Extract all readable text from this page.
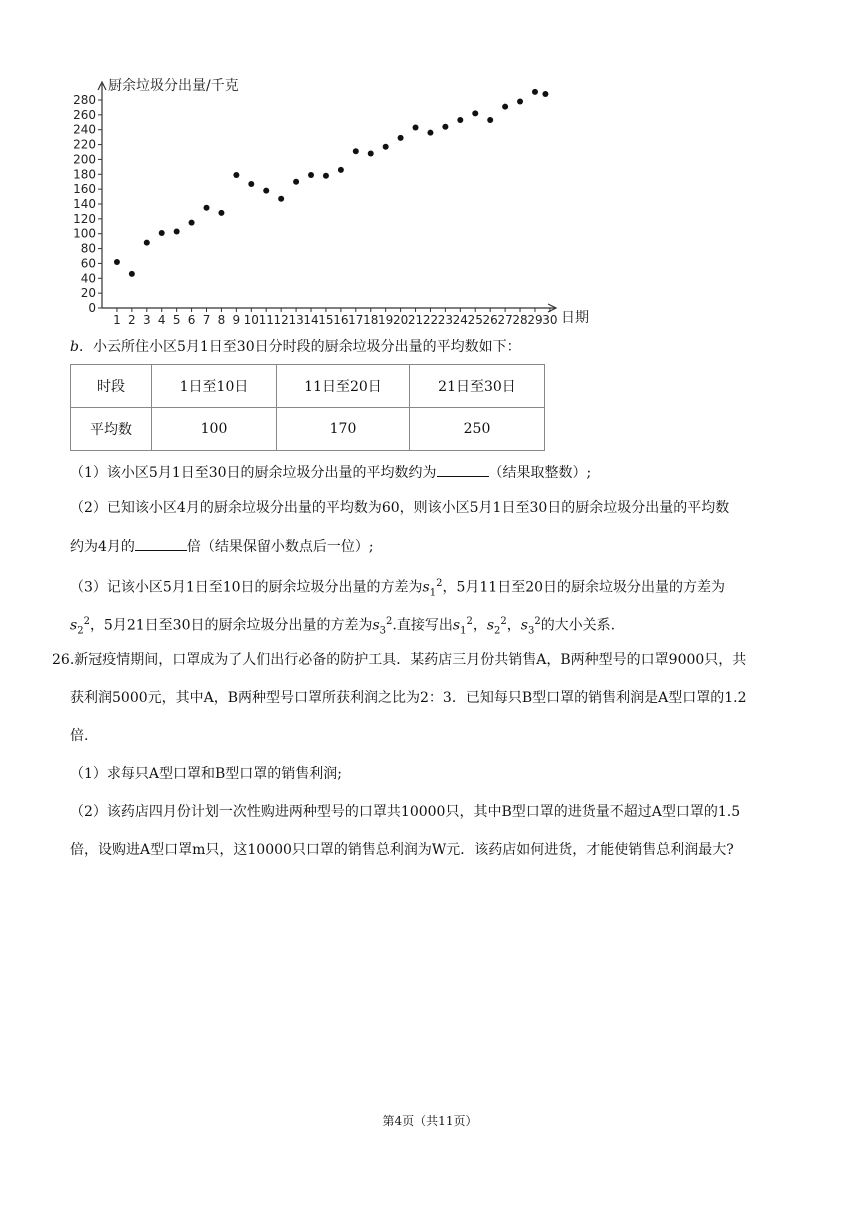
0
20
40
60
80
100
120
140
160
180
200
220
240
260
280
1 2 3 4 5 6 7 8 9 10 11 12 13 14 15 16 17 18 19 20 21 22 23 24 25 26 27 28 29 30
厨余垃圾分出量/千克
日期
b．小云所住小区5月1日至30日分时段的厨余垃圾分出量的平均数如下：
时段	1日至10日	11日至20日	21日至30日
平均数	100	170	250
（1）该小区5月1日至30日的厨余垃圾分出量的平均数约为	（结果取整数）;
（2）已知该小区4月的厨余垃圾分出量的平均数为60，则该小区5月1日至30日的厨余垃圾分出量的平均数
约为4月的	倍（结果保留小数点后一位）;
（3）记该小区5月1日至10日的厨余垃圾分出量的方差为$s_1^2$，5月11日至20日的厨余垃圾分出量的方差为
$s_2^2$，5月21日至30日的厨余垃圾分出量的方差为$s_3^2$.直接写出$s_1^2$，$s_2^2$，$s_3^2$的大小关系.
26.新冠疫情期间，口罩成为了人们出行必备的防护工具．某药店三月份共销售A，B两种型号的口罩9000只，共
获利润5000元，其中A，B两种型号口罩所获利润之比为2：3．已知每只B型口罩的销售利润是A型口罩的1.2
倍.
（1）求每只A型口罩和B型口罩的销售利润;
（2）该药店四月份计划一次性购进两种型号的口罩共10000只，其中B型口罩的进货量不超过A型口罩的1.5
倍，设购进A型口罩m只，这10000只口罩的销售总利润为W元．该药店如何进货，才能使销售总利润最大?
第4页（共11页）
